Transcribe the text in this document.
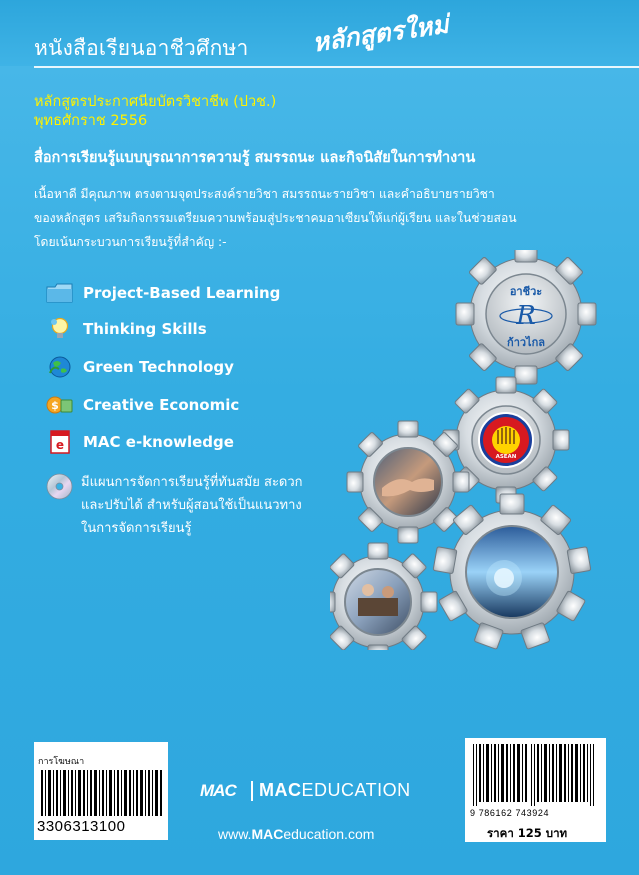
หนังสือเรียนอาชีวศึกษา หลักสูตรใหม่
หลักสูตรประกาศนียบัตรวิชาชีพ (ปวช.)
พุทธศักราช 2556
สื่อการเรียนรู้แบบบูรณาการความรู้ สมรรถนะ และกิจนิสัยในการทำงาน
เนื้อหาดี มีคุณภาพ ตรงตามจุดประสงค์รายวิชา สมรรถนะรายวิชา และคำอธิบายรายวิชา
ของหลักสูตร เสริมกิจกรรมเตรียมความพร้อมสู่ประชาคมอาเซียนให้แก่ผู้เรียน และในช่วยสอน
โดยเน้นกระบวนการเรียนรู้ที่สำคัญ :-
Project-Based Learning
Thinking Skills
Green Technology
$ Creative Economic
e MAC e-knowledge
มีแผนการจัดการเรียนรู้ที่ทันสมัย สะดวก
และปรับได้ สำหรับผู้สอนใช้เป็นแนวทาง
ในการจัดการเรียนรู้
อาชีวะ
R
ก้าวไกล
ASEAN
การโฆษณา
3306313100
MAC MACEDUCATION
www.MACeducation.com
9 786162 743924
ราคา 125 บาท
